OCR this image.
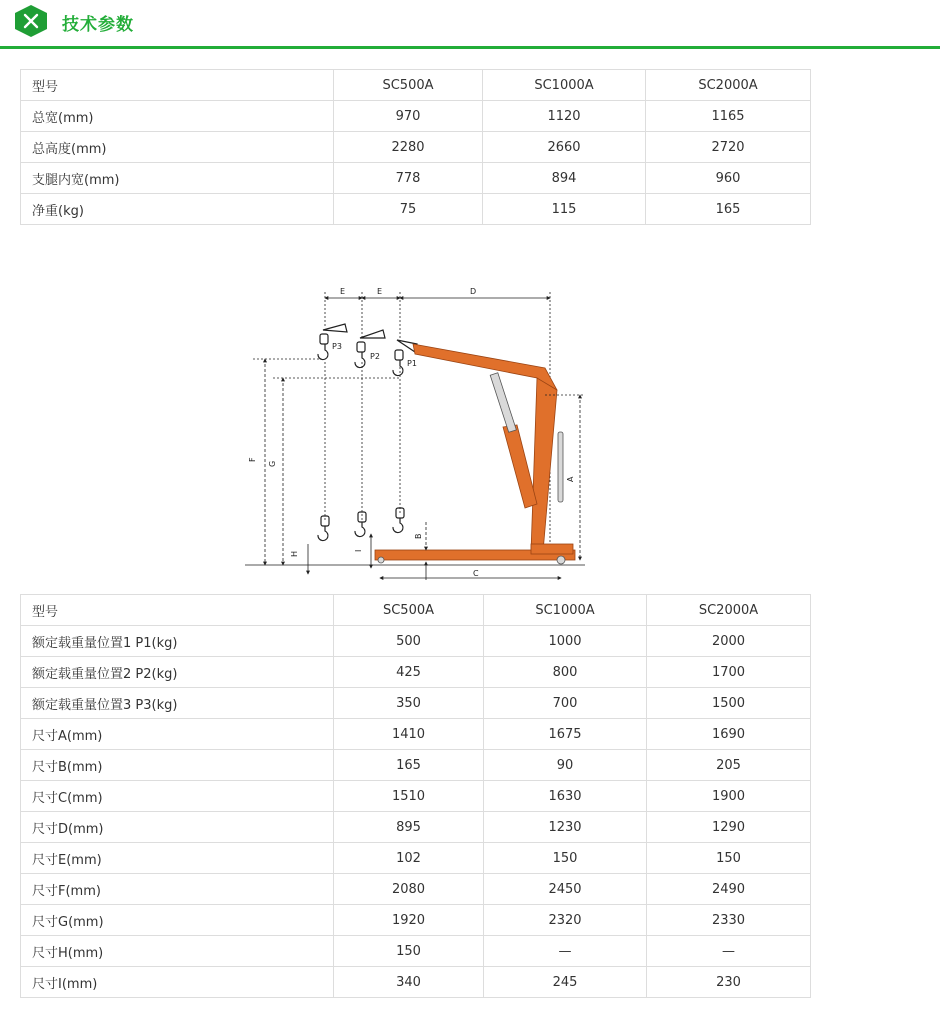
技术参数
型号	SC500A	SC1000A	SC2000A
总宽(mm)	970	1120	1165
总高度(mm)	2280	2660	2720
支腿内宽(mm)	778	894	960
净重(kg)	75	115	165
E	E	D
F
G
H
P3
P2
P1
A
B
I
C
型号	SC500A	SC1000A	SC2000A
额定载重量位置1 P1(kg)	500	1000	2000
额定载重量位置2 P2(kg)	425	800	1700
额定载重量位置3 P3(kg)	350	700	1500
尺寸A(mm)	1410	1675	1690
尺寸B(mm)	165	90	205
尺寸C(mm)	1510	1630	1900
尺寸D(mm)	895	1230	1290
尺寸E(mm)	102	150	150
尺寸F(mm)	2080	2450	2490
尺寸G(mm)	1920	2320	2330
尺寸H(mm)	150	—	—
尺寸I(mm)	340	245	230
